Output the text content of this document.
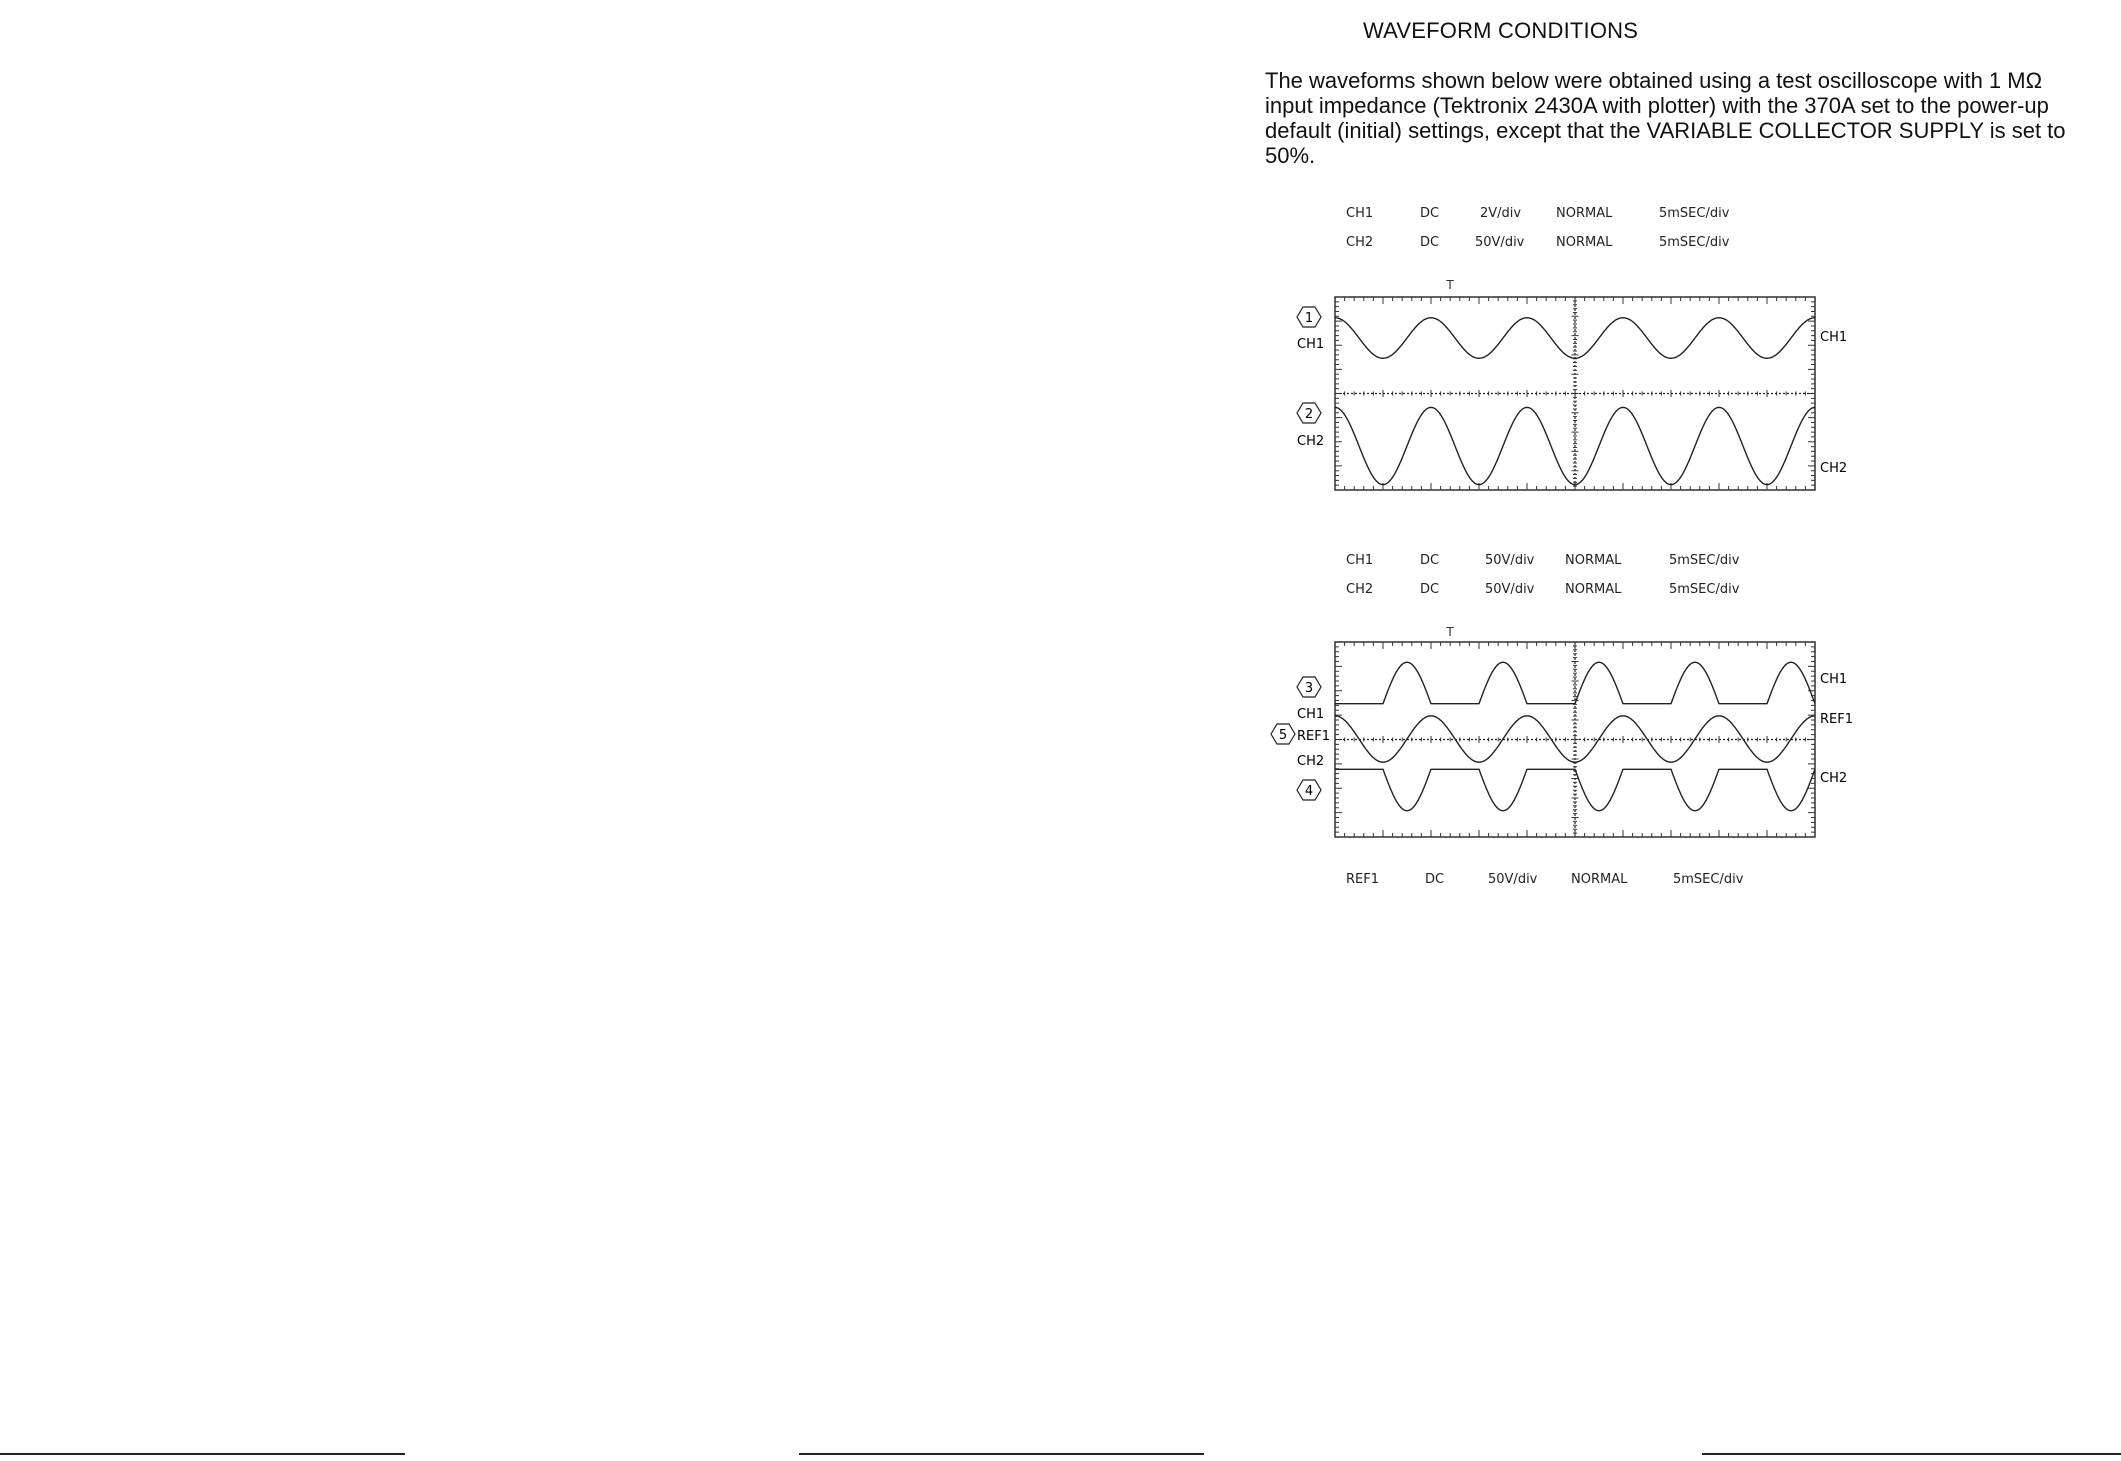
WAVEFORM CONDITIONS
The waveforms shown below were obtained using a test oscilloscope with 1 MΩ input impedance (Tektronix 2430A with plotter) with the 370A set to the power-up default (initial) settings, except that the VARIABLE COLLECTOR SUPPLY is set to 50%.
CH1	DC	2V/div	NORMAL	5mSEC/div
CH2	DC	50V/div NORMAL	5mSEC/div
CH1	DC	50V/div NORMAL	5mSEC/div
CH2	DC	50V/div NORMAL	5mSEC/div
REF1	DC	50V/div	NORMAL	5mSEC/div
T
1
CH1
2
CH2
CH1
CH2
T
3
CH1
5 REF1
CH2
4
CH1
REF1
CH2
